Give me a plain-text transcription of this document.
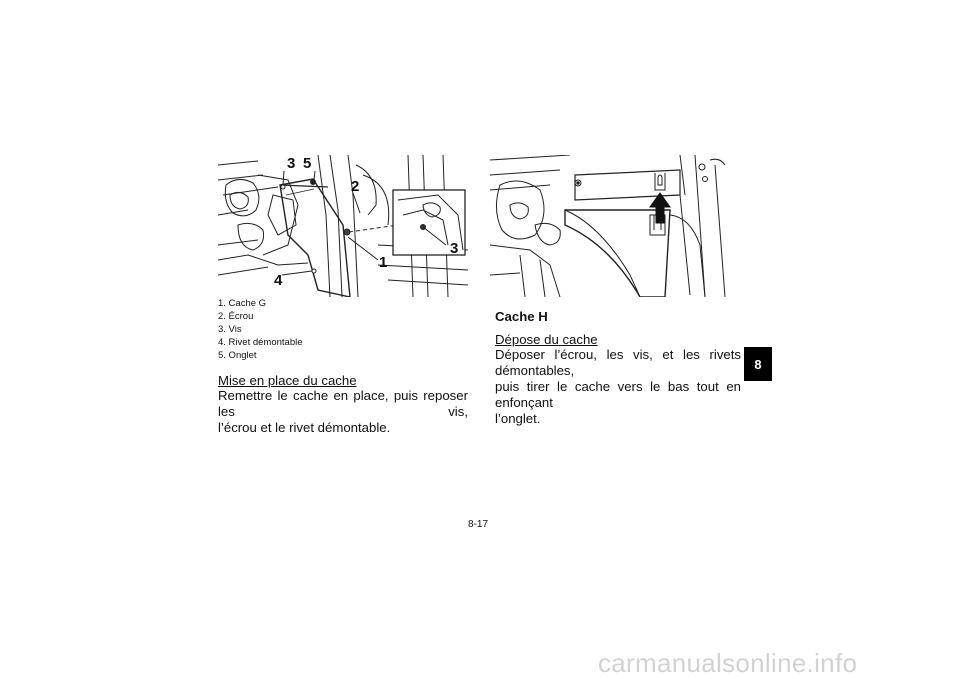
3 5
2
3
1
4
1. Cache G
2. Écrou
3. Vis
4. Rivet démontable
5. Onglet
Mise en place du cache
Remettre le cache en place, puis reposer les vis,
l’écrou et le rivet démontable.
Cache H
Dépose du cache
Déposer l’écrou, les vis, et les rivets démontables,
puis tirer le cache vers le bas tout en enfonçant
l’onglet.
8
8-17
carmanualsonline.info
